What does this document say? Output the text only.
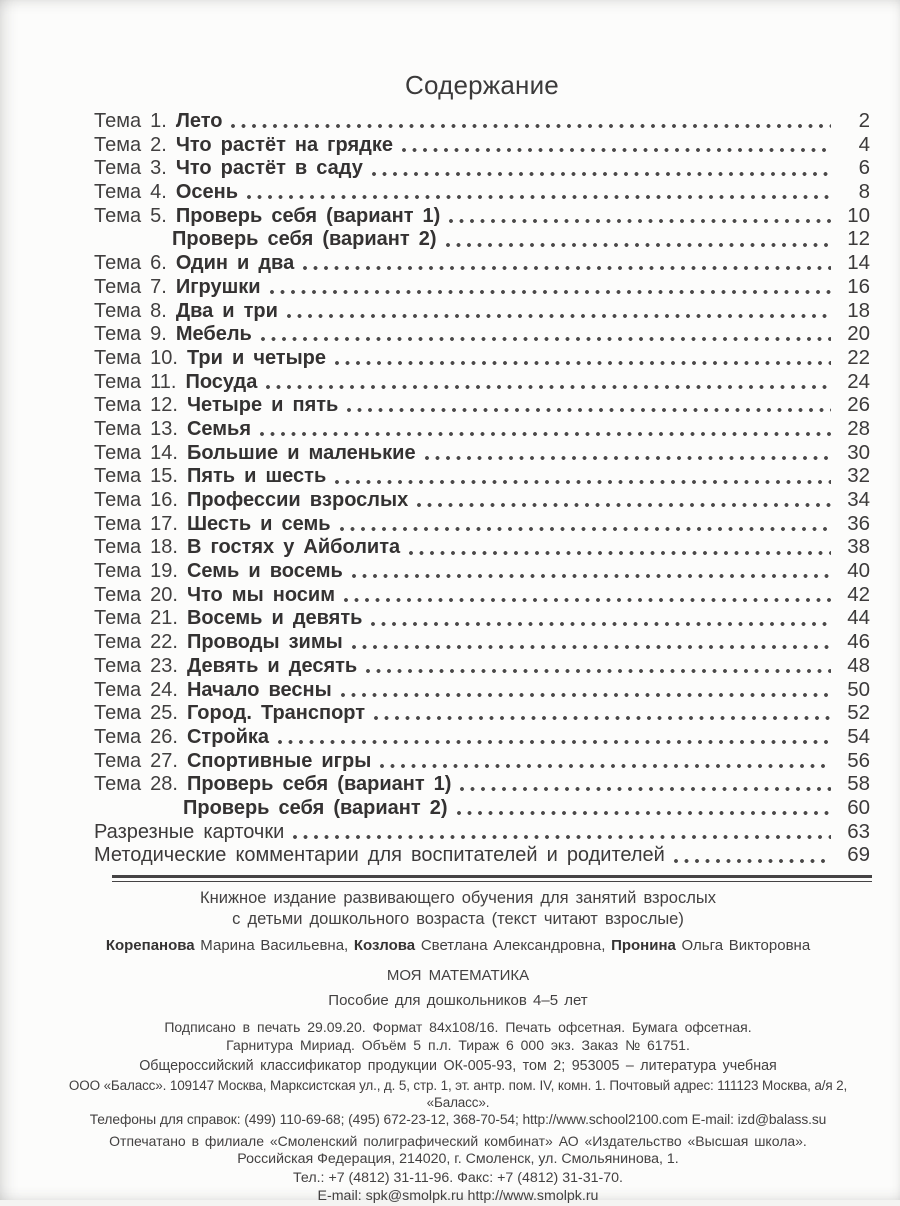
Содержание
Тема 1. Лето	2
Тема 2. Что растёт на грядке	4
Тема 3. Что растёт в саду	6
Тема 4. Осень	8
Тема 5. Проверь себя (вариант 1)	10
Проверь себя (вариант 2)	12
Тема 6. Один и два	14
Тема 7. Игрушки	16
Тема 8. Два и три	18
Тема 9. Мебель	20
Тема 10. Три и четыре	22
Тема 11. Посуда	24
Тема 12. Четыре и пять	26
Тема 13. Семья	28
Тема 14. Большие и маленькие	30
Тема 15. Пять и шесть	32
Тема 16. Профессии взрослых	34
Тема 17. Шесть и семь	36
Тема 18. В гостях у Айболита	38
Тема 19. Семь и восемь	40
Тема 20. Что мы носим	42
Тема 21. Восемь и девять	44
Тема 22. Проводы зимы	46
Тема 23. Девять и десять	48
Тема 24. Начало весны	50
Тема 25. Город. Транспорт	52
Тема 26. Стройка	54
Тема 27. Спортивные игры	56
Тема 28. Проверь себя (вариант 1)	58
Проверь себя (вариант 2)	60
Разрезные карточки	63
Методические комментарии для воспитателей и родителей	69

Книжное издание развивающего обучения для занятий взрослых

с детьми дошкольного возраста (текст читают взрослые)

Корепанова Марина Васильевна, Козлова Светлана Александровна, Пронина Ольга Викторовна

МОЯ МАТЕМАТИКА

Пособие для дошкольников 4–5 лет

Подписано в печать 29.09.20. Формат 84х108/16. Печать офсетная. Бумага офсетная.

Гарнитура Мириад. Объём 5 п.л. Тираж 6 000 экз. Заказ № 61751.

Общероссийский классификатор продукции ОК-005-93, том 2; 953005 – литература учебная

ООО «Баласс». 109147 Москва, Марксистская ул., д. 5, стр. 1, эт. антр. пом. IV, комн. 1. Почтовый адрес: 111123 Москва, а/я 2, «Баласс».

Телефоны для справок: (499) 110-69-68; (495) 672-23-12, 368-70-54; http://www.school2100.com E-mail: izd@balass.su

Отпечатано в филиале «Смоленский полиграфический комбинат» АО «Издательство «Высшая школа».

Российская Федерация, 214020, г. Смоленск, ул. Смольянинова, 1.

Тел.: +7 (4812) 31-11-96. Факс: +7 (4812) 31-31-70.

E-mail: spk@smolpk.ru http://www.smolpk.ru
